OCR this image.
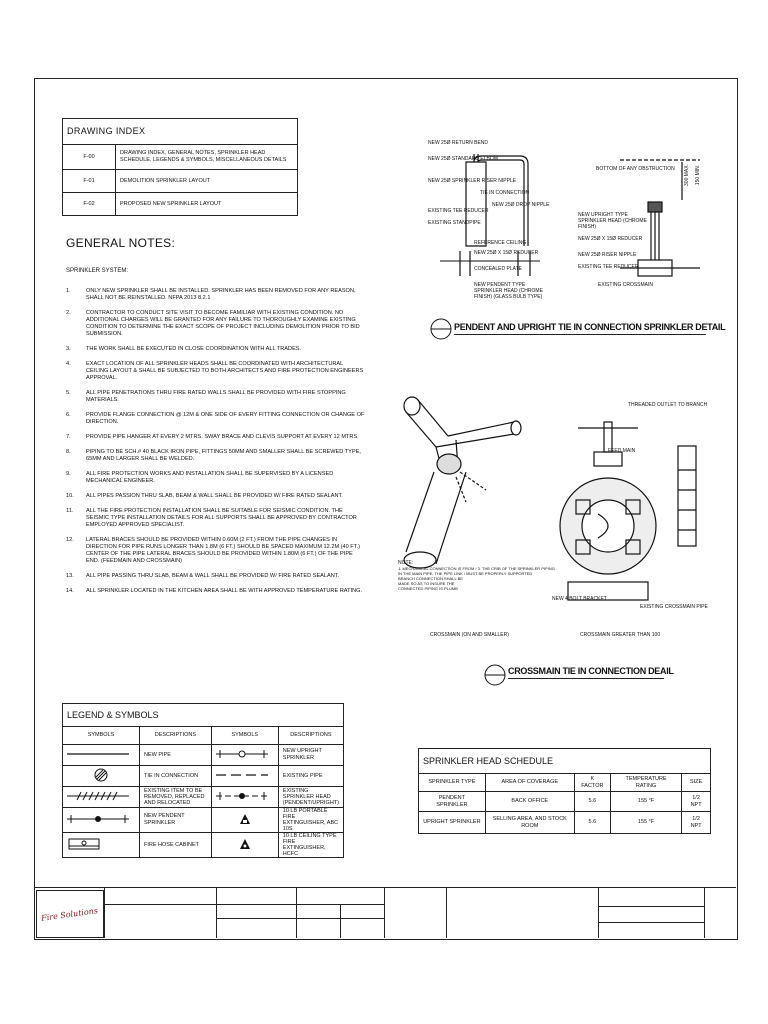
DRAWING INDEX	
F-00	DRAWING INDEX, GENERAL NOTES, SPRINKLER HEAD SCHEDULE, LEGENDS & SYMBOLS, MISCELLANEOUS DETAILS
F-01	DEMOLITION SPRINKLER LAYOUT
F-02	PROPOSED NEW SPRINKLER LAYOUT
GENERAL NOTES:
SPRINKLER SYSTEM:
1.	ONLY NEW SPRINKLER SHALL BE INSTALLED. SPRINKLER HAS BEEN REMOVED FOR ANY REASON, SHALL NOT BE REINSTALLED. NFPA 2013 8.2.1
2.	CONTRACTOR TO CONDUCT SITE VISIT TO BECOME FAMILIAR WITH EXISTING CONDITION. NO ADDITIONAL CHARGES WILL BE GRANTED FOR ANY FAILURE TO THOROUGHLY EXAMINE EXISTING CONDITION TO DETERMINE THE EXACT SCOPE OF PROJECT INCLUDING DEMOLITION PRIOR TO BID SUBMISSION.
3.	THE WORK SHALL BE EXECUTED IN CLOSE COORDINATION WITH ALL TRADES.
4.	EXACT LOCATION OF ALL SPRINKLER HEADS SHALL BE COORDINATED WITH ARCHITECTURAL CEILING LAYOUT & SHALL BE SUBJECTED TO BOTH ARCHITECTS AND FIRE PROTECTION ENGINEERS APPROVAL.
5.	ALL PIPE PENETRATIONS THRU FIRE RATED WALLS SHALL BE PROVIDED WITH FIRE STOPPING MATERIALS.
6.	PROVIDE FLANGE CONNECTION @ 12M & ONE SIDE OF EVERY FITTING CONNECTION OR CHANGE OF DIRECTION.
7.	PROVIDE PIPE HANGER AT EVERY 2 MTRS. SWAY BRACE AND CLEVIS SUPPORT AT EVERY 12 MTRS.
8.	PIPING TO BE SCH.# 40 BLACK IRON PIPE, FITTINGS 50MM AND SMALLER SHALL BE SCREWED TYPE, 65MM AND LARGER SHALL BE WELDED.
9.	ALL FIRE PROTECTION WORKS AND INSTALLATION SHALL BE SUPERVISED BY A LICENSED MECHANICAL ENGINEER.
10.	ALL PIPES PASSION THRU SLAB, BEAM & WALL SHALL BE PROVIDED W/ FIRE RATED SEALANT.
11.	ALL THE FIRE PROTECTION INSTALLATION SHALL BE SUITABLE FOR SEISMIC CONDITION. THE SEISMIC TYPE INSTALLATION DETAILS FOR ALL SUPPORTS SHALL BE APPROVED BY CONTRACTOR EMPLOYED APPROVED SPECIALIST.
12.	LATERAL BRACES SHOULD BE PROVIDED WITHIN 0.60M (2 FT.) FROM THE PIPE CHANGES IN DIRECTION FOR PIPE RUNS LONGER THAN 1.8M (6 FT.) SHOULD BE SPACED MAXIMUM 12.2M (40 FT.) CENTER OF THE PIPE LATERAL BRACES SHOULD BE PROVIDED WITHIN 1.80M (6 FT.) OF THE PIPE END. (FEEDMAIN AND CROSSMAIN)
13.	ALL PIPE PASSING THRU SLAB, BEAM & WALL SHALL BE PROVIDED W/ FIRE RATED SEALANT.
14.	ALL SPRINKLER LOCATED IN THE KITCHEN AREA SHALL BE WITH APPROVED TEMPERATURE RATING.
LEGEND & SYMBOLS			
SYMBOLS	DESCRIPTIONS	SYMBOLS	DESCRIPTIONS
	NEW PIPE		NEW UPRIGHT SPRINKLER
	TIE IN CONNECTION		EXISTING PIPE
	EXISTING ITEM TO BE REMOVED, REPLACED AND RELOCATED		EXISTING SPRINKLER HEAD (PENDENT/UPRIGHT)
	NEW PENDENT SPRINKLER		10 LB PORTABLE FIRE EXTINGUISHER, ABC 10S
	FIRE HOSE CABINET		10 LB CEILING TYPE FIRE EXTINGUISHER, HCFC
SPRINKLER HEAD SCHEDULE				
SPRINKLER TYPE	AREA OF COVERAGE	K FACTOR	TEMPERATURE RATING	SIZE
PENDENT SPRINKLER	BACK OFFICE	5.6	155 °F	1/2 NPT
UPRIGHT SPRINKLER	SELLING AREA, AND STOCK ROOM	5.6	155 °F	1/2 NPT
NEW 25Ø RETURN BEND
NEW 25Ø STANDARD ELBOW
NEW 25Ø SPRINKLER RISER NIPPLE
EXISTING TEE REDUCER
EXISTING STANDPIPE
TIE IN CONNECTION
NEW 25Ø DROP NIPPLE
REFERENCE CEILING
NEW 25Ø X 15Ø REDUCER
CONCEALED PLATE
NEW PENDENT TYPE SPRINKLER HEAD (CHROME FINISH) (GLASS BULB TYPE)
BOTTOM OF ANY OBSTRUCTION	150 MIN.
300 MAX.
NEW UPRIGHT TYPE SPRINKLER HEAD (CHROME FINISH)
NEW 25Ø X 15Ø REDUCER
NEW 25Ø RISER NIPPLE
EXISTING TEE REDUCER
EXISTING CROSSMAIN
PENDENT AND UPRIGHT TIE IN CONNECTION SPRINKLER DETAIL
NOTE:
1. MECHANICAL CONNECTION IS FROM / 3. THE CRIB OF THE SPRINKLER PIPING
IN THE MAIN PIPE, THE PIPE LINK / MUST BE PROPERLY SUPPORTED
BRANCH CONNECTION SHALL BE
MADE SO AS TO INSURE THE
CONNECTED PIPING IS PLUMB
THREADED OUTLET TO BRANCH
FEED MAIN
EXISTING CROSSMAIN PIPE
NEW 4 BOLT BRACKET
CROSSMAIN (ON AND SMALLER)	CROSSMAIN GREATER THAN 100
CROSSMAIN TIE IN CONNECTION DEAIL
Fire Solutions
